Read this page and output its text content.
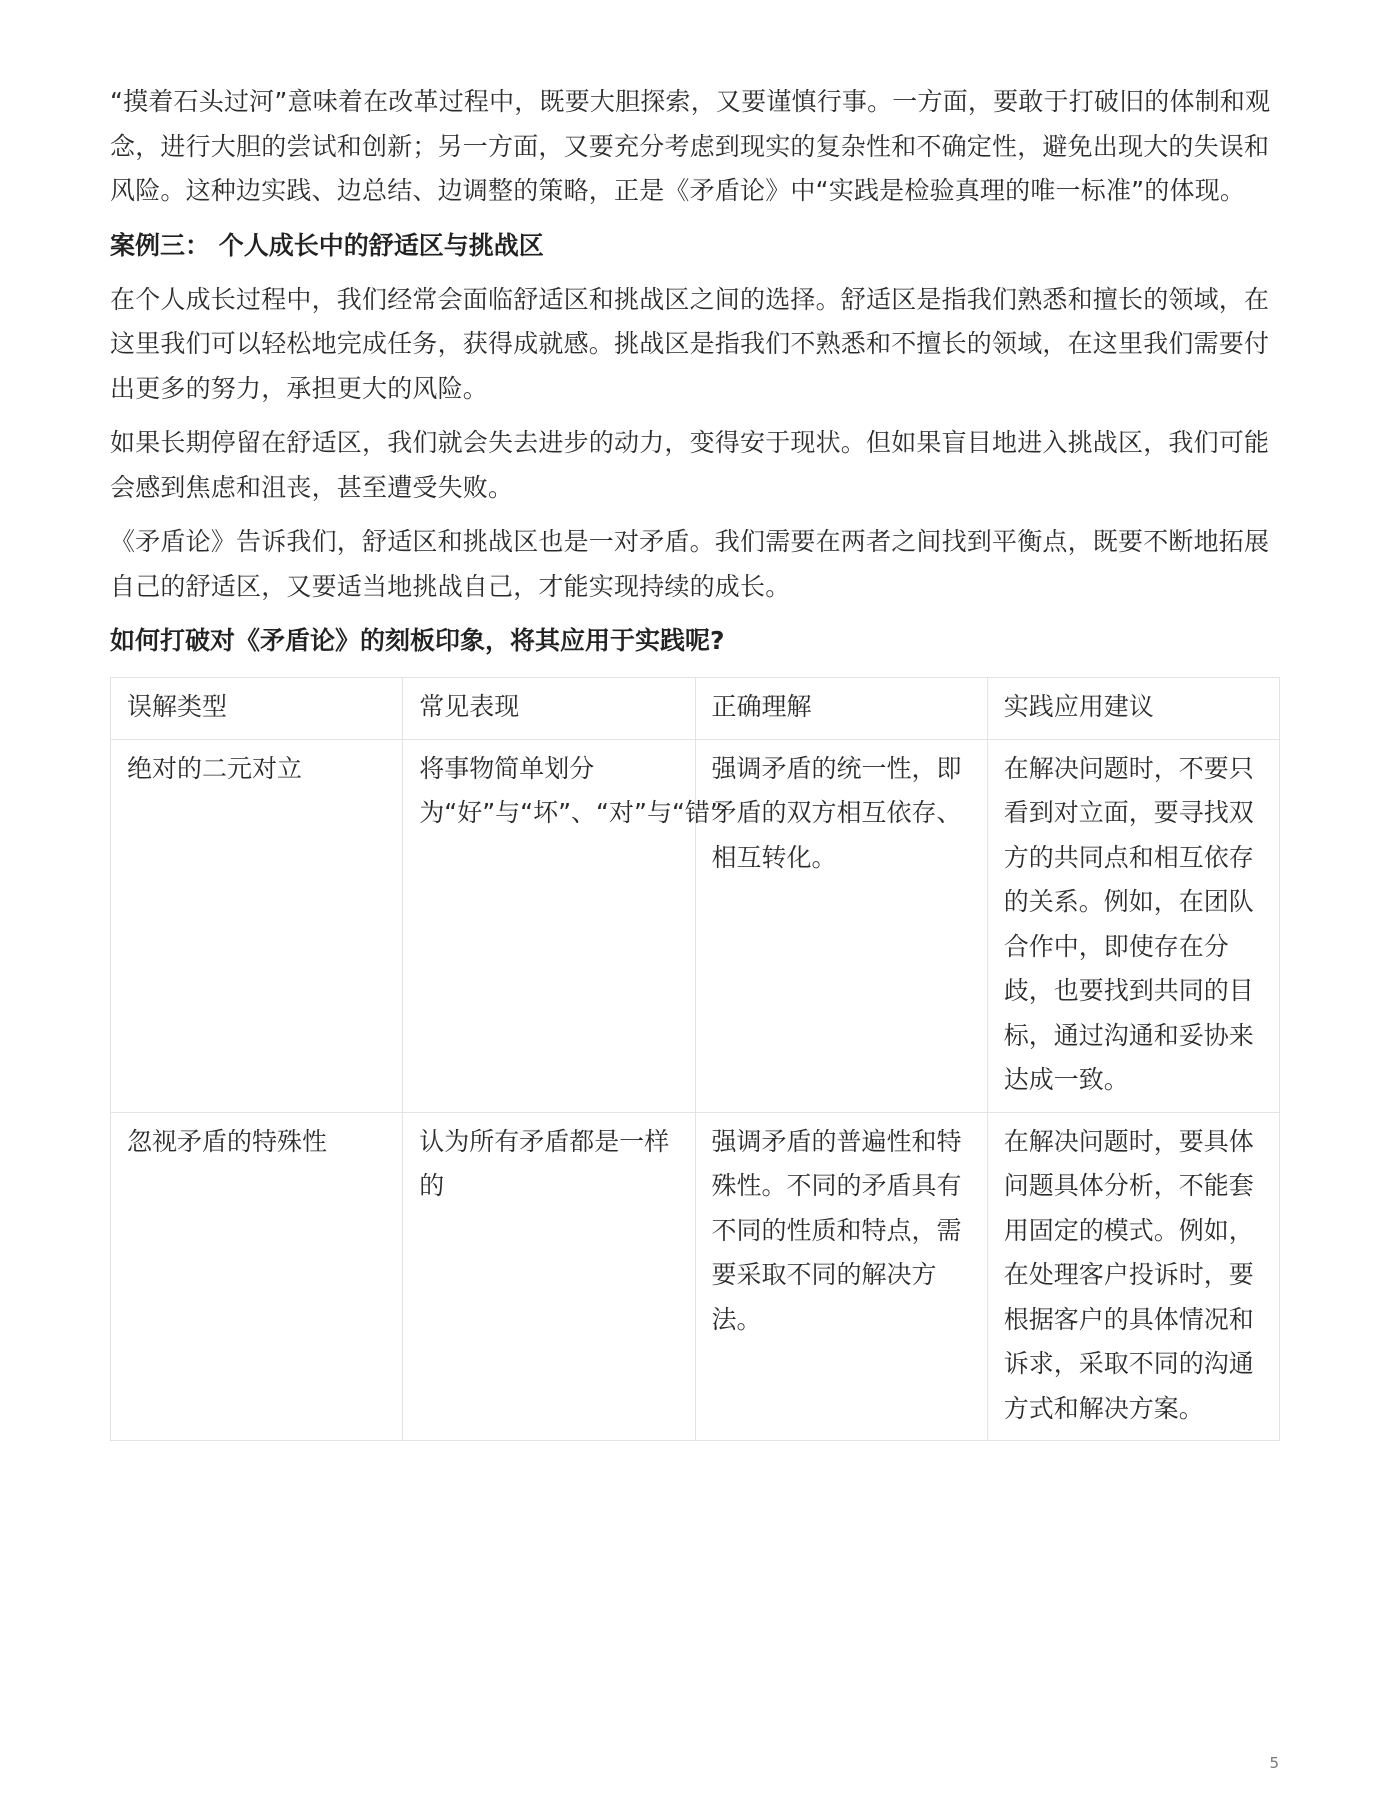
“摸着石头过河”意味着在改革过程中，既要大胆探索，又要谨慎行事。一方面，要敢于打破旧的体制和观念，进行大胆的尝试和创新；另一方面，又要充分考虑到现实的复杂性和不确定性，避免出现大的失误和风险。这种边实践、边总结、边调整的策略，正是《矛盾论》中“实践是检验真理的唯一标准”的体现。

案例三： 个人成长中的舒适区与挑战区

在个人成长过程中，我们经常会面临舒适区和挑战区之间的选择。舒适区是指我们熟悉和擅长的领域，在这里我们可以轻松地完成任务，获得成就感。挑战区是指我们不熟悉和不擅长的领域，在这里我们需要付出更多的努力，承担更大的风险。

如果长期停留在舒适区，我们就会失去进步的动力，变得安于现状。但如果盲目地进入挑战区，我们可能会感到焦虑和沮丧，甚至遭受失败。

《矛盾论》告诉我们，舒适区和挑战区也是一对矛盾。我们需要在两者之间找到平衡点，既要不断地拓展自己的舒适区，又要适当地挑战自己，才能实现持续的成长。

如何打破对《矛盾论》的刻板印象，将其应用于实践呢?

误解类型	常见表现	正确理解	实践应用建议
绝对的二元对立	将事物简单划分为“好”与“坏”、“对”与“错”	强调矛盾的统一性，即矛盾的双方相互依存、相互转化。	在解决问题时，不要只看到对立面，要寻找双方的共同点和相互依存的关系。例如，在团队合作中，即使存在分歧，也要找到共同的目标，通过沟通和妥协来达成一致。
忽视矛盾的特殊性	认为所有矛盾都是一样的	强调矛盾的普遍性和特殊性。不同的矛盾具有不同的性质和特点，需要采取不同的解决方法。	在解决问题时，要具体问题具体分析，不能套用固定的模式。例如，在处理客户投诉时，要根据客户的具体情况和诉求，采取不同的沟通方式和解决方案。
5
